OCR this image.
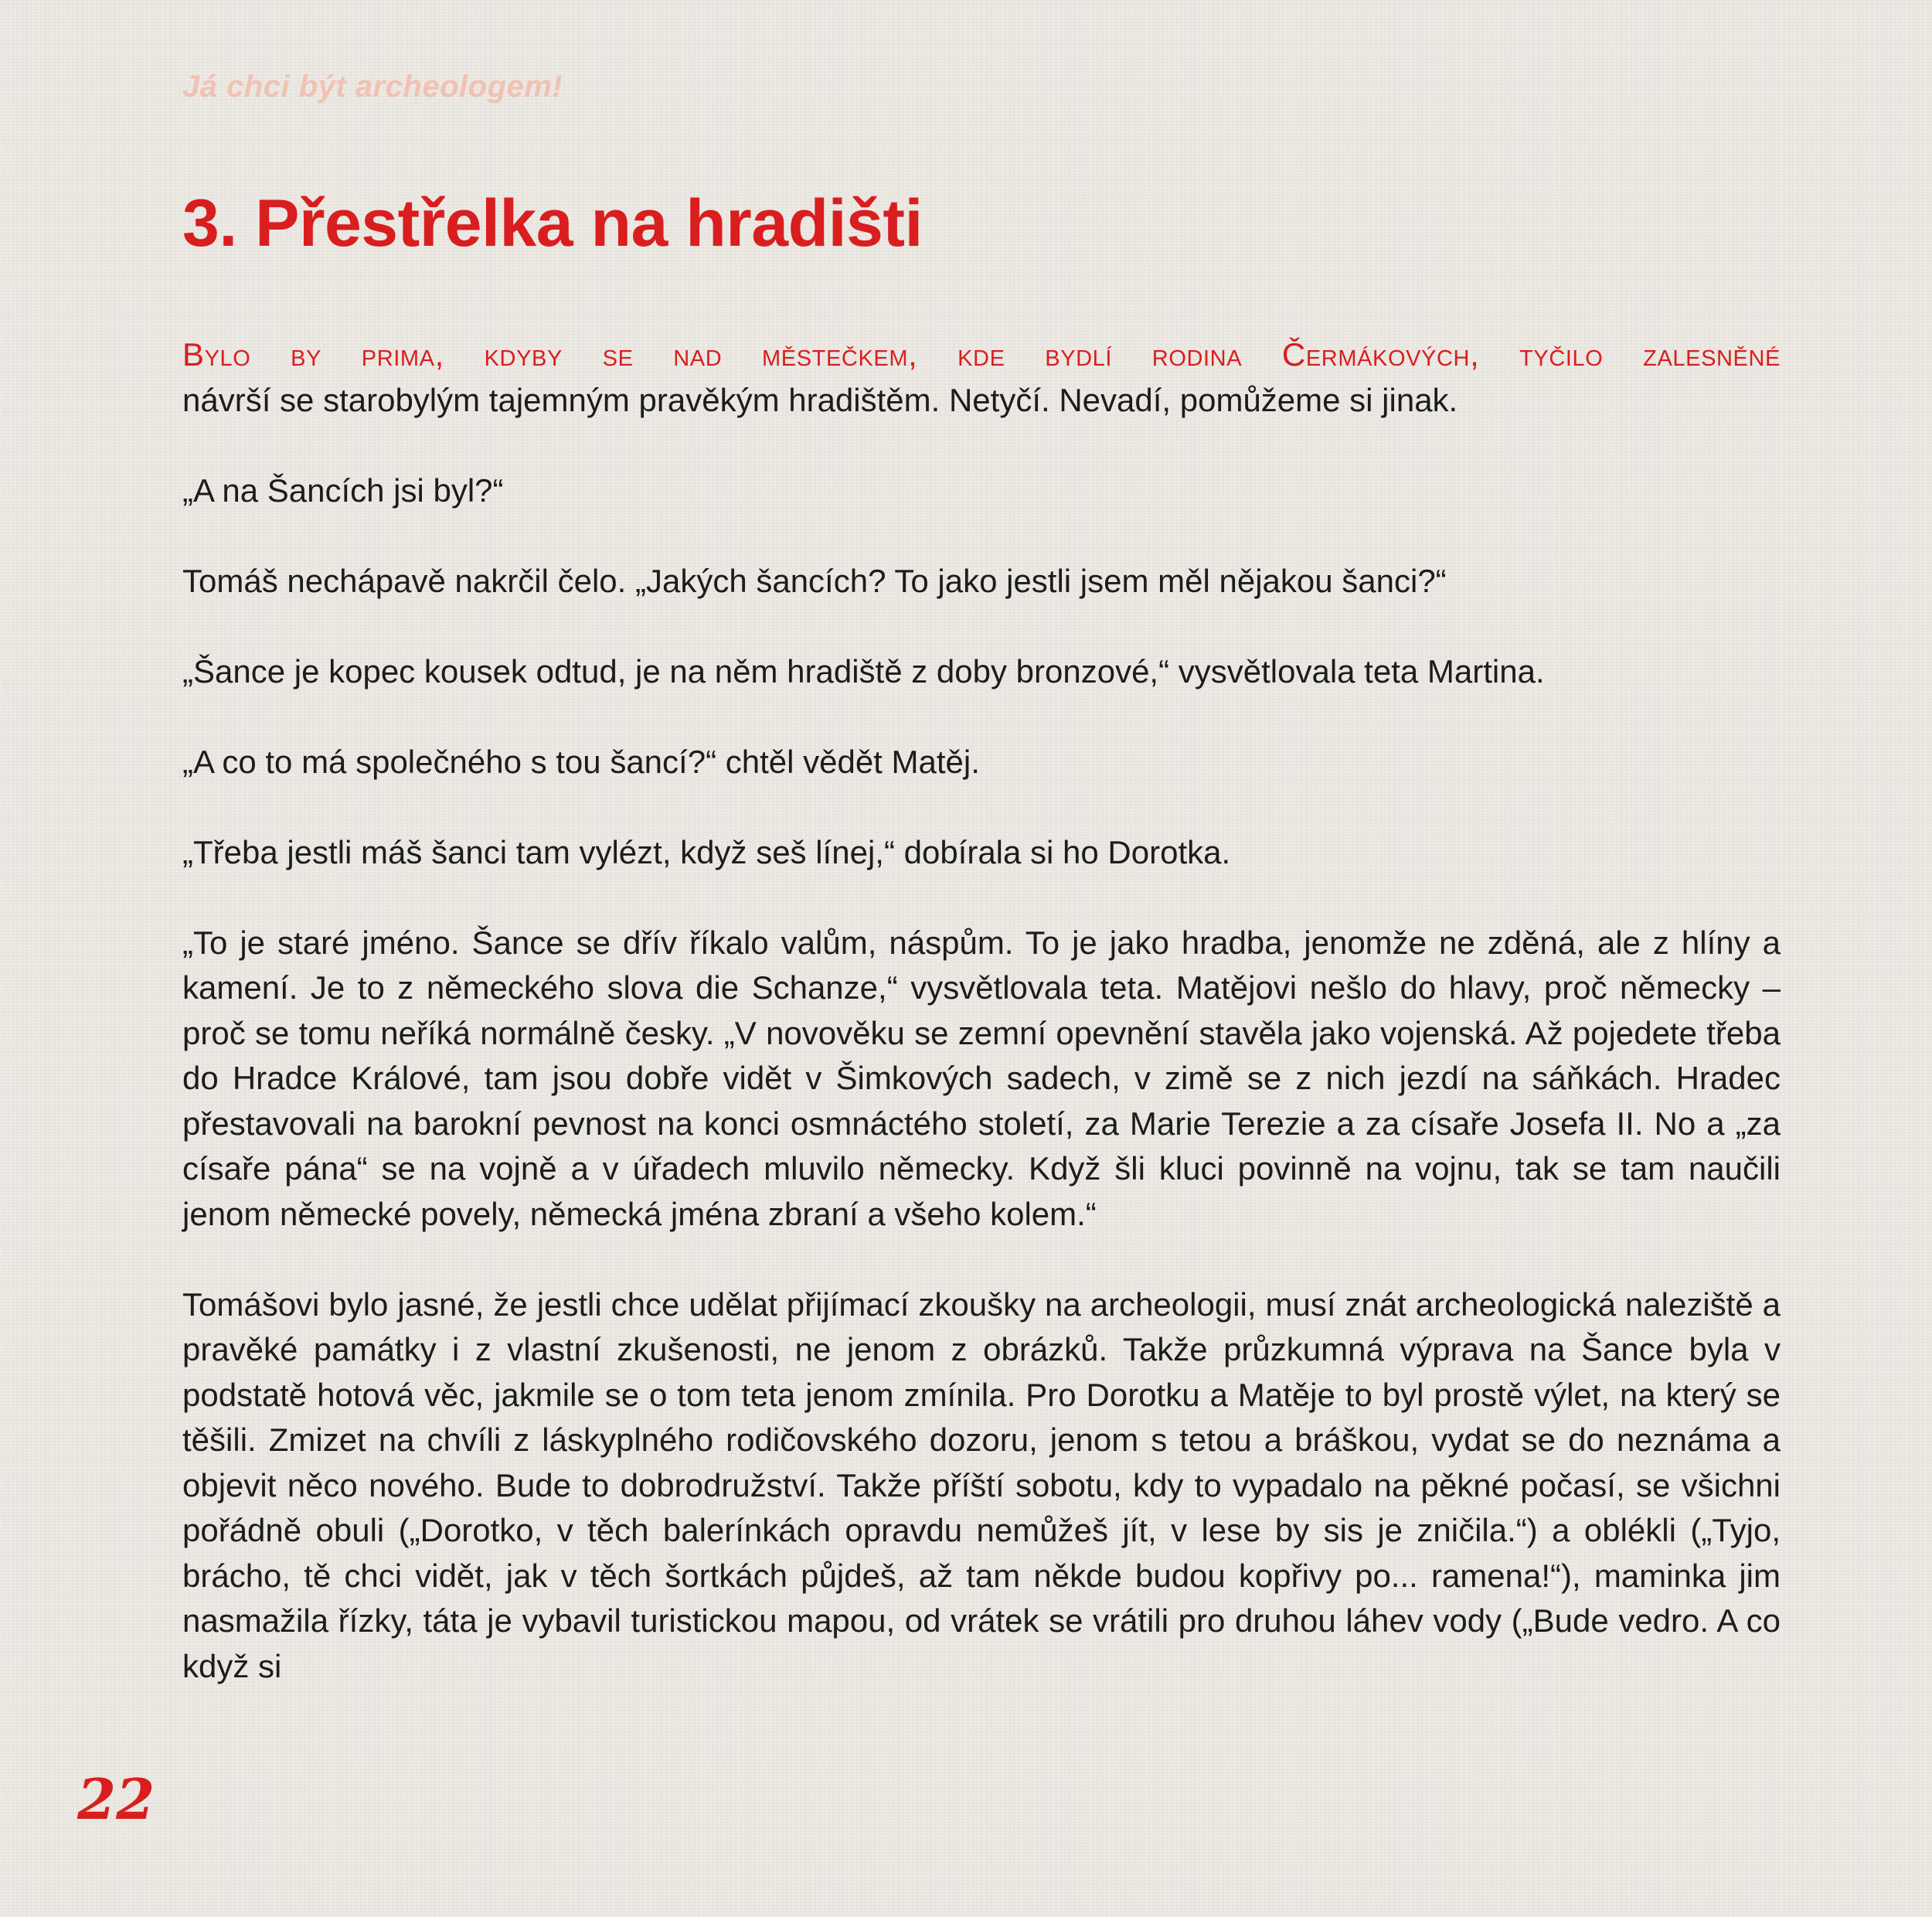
Já chci být archeologem!
3. Přestřelka na hradišti

Bylo by prima, kdyby se nad městečkem, kde bydlí rodina Čermákových, tyčilo zalesněné
návrší se starobylým tajemným pravěkým hradištěm. Netyčí. Nevadí, pomůžeme si jinak.

„A na Šancích jsi byl?“

Tomáš nechápavě nakrčil čelo. „Jakých šancích? To jako jestli jsem měl nějakou šanci?“

„Šance je kopec kousek odtud, je na něm hradiště z doby bronzové,“ vysvětlovala teta Martina.

„A co to má společného s tou šancí?“ chtěl vědět Matěj.

„Třeba jestli máš šanci tam vylézt, když seš línej,“ dobírala si ho Dorotka.

„To je staré jméno. Šance se dřív říkalo valům, náspům. To je jako hradba, jenomže ne zděná, ale z hlíny a kamení. Je to z německého slova die Schanze,“ vysvětlovala teta. Matějovi nešlo do hlavy, proč německy – proč se tomu neříká normálně česky. „V novověku se zemní opevnění stavěla jako vojenská. Až pojedete třeba do Hradce Králové, tam jsou dobře vidět v Šimkových sadech, v zimě se z nich jezdí na sáňkách. Hradec přestavovali na barokní pevnost na konci osmnáctého století, za Marie Terezie a za císaře Josefa II. No a „za císaře pána“ se na vojně a v úřadech mluvilo německy. Když šli kluci povinně na vojnu, tak se tam naučili jenom německé povely, německá jména zbraní a všeho kolem.“

Tomášovi bylo jasné, že jestli chce udělat přijímací zkoušky na archeologii, musí znát archeologická naleziště a pravěké památky i z vlastní zkušenosti, ne jenom z obrázků. Takže průzkumná výprava na Šance byla v podstatě hotová věc, jakmile se o tom teta jenom zmínila. Pro Dorotku a Matěje to byl prostě výlet, na který se těšili. Zmizet na chvíli z láskyplného rodičovského dozoru, jenom s tetou a bráškou, vydat se do neznáma a objevit něco nového. Bude to dobrodružství. Takže příští sobotu, kdy to vypadalo na pěkné počasí, se všichni pořádně obuli („Dorotko, v těch balerínkách opravdu nemůžeš jít, v lese by sis je zničila.“) a oblékli („Tyjo, brácho, tě chci vidět, jak v těch šortkách půjdeš, až tam někde budou kopřivy po... ramena!“), maminka jim nasmažila řízky, táta je vybavil turistickou mapou, od vrátek se vrátili pro druhou láhev vody („Bude vedro. A co když si

22
